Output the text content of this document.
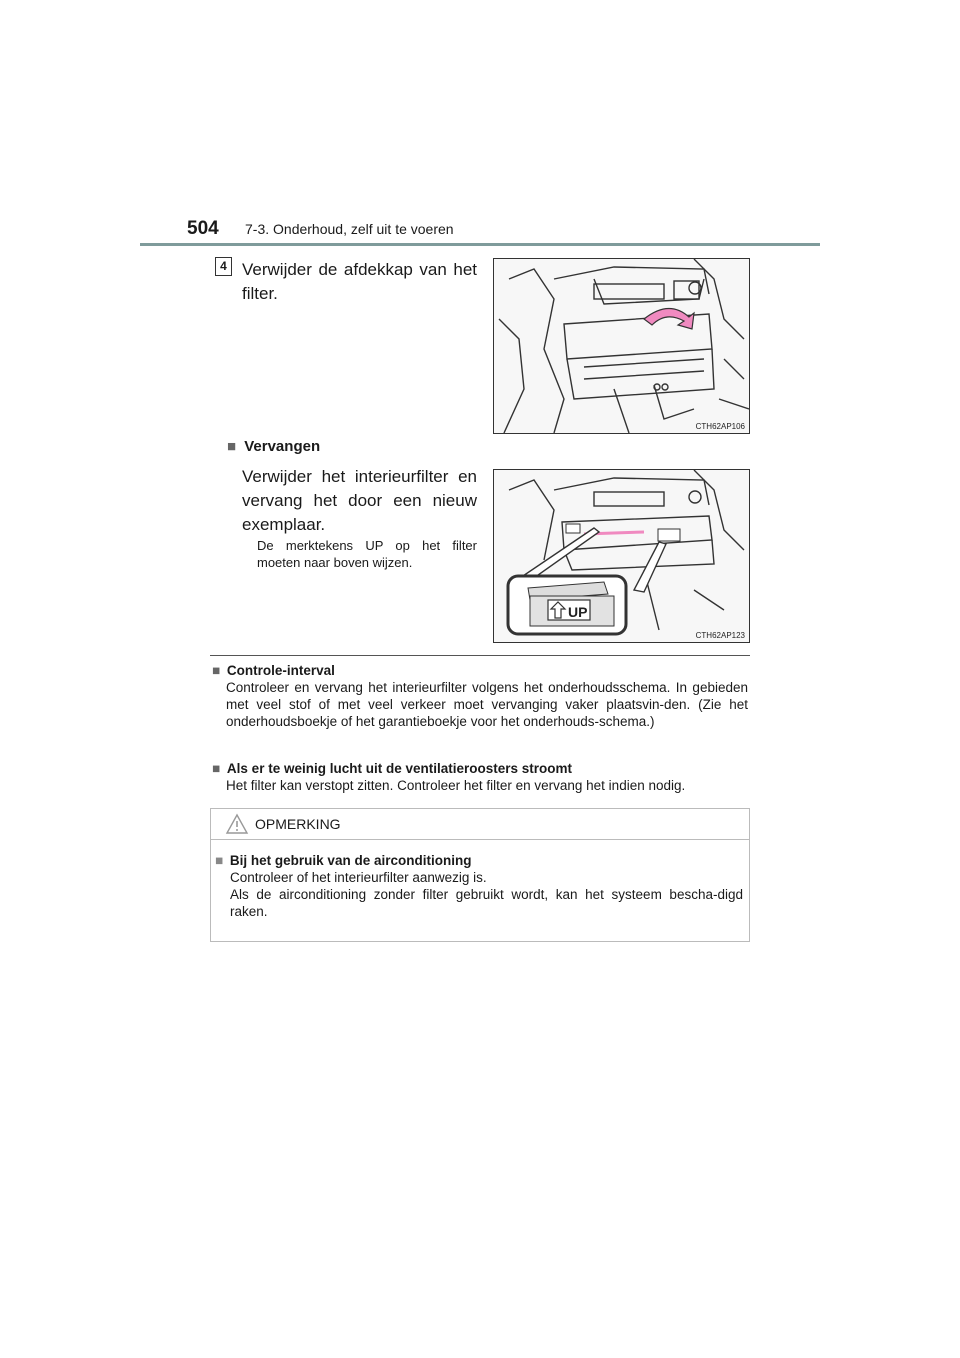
504 7-3. Onderhoud, zelf uit te voeren
4 Verwijder de afdekkap van het filter.
CTH62AP106
■ Vervangen
Verwijder het interieurfilter en vervang het door een nieuw exemplaar.
De merktekens UP op het filter moeten naar boven wijzen.
UP
CTH62AP123
■ Controle-interval
Controleer en vervang het interieurfilter volgens het onderhoudsschema. In gebieden met veel stof of met veel verkeer moet vervanging vaker plaatsvin-den. (Zie het onderhoudsboekje of het garantieboekje voor het onderhouds-schema.)
■ Als er te weinig lucht uit de ventilatieroosters stroomt
Het filter kan verstopt zitten. Controleer het filter en vervang het indien nodig.
OPMERKING
■ Bij het gebruik van de airconditioning
Controleer of het interieurfilter aanwezig is.
Als de airconditioning zonder filter gebruikt wordt, kan het systeem bescha-digd raken.
